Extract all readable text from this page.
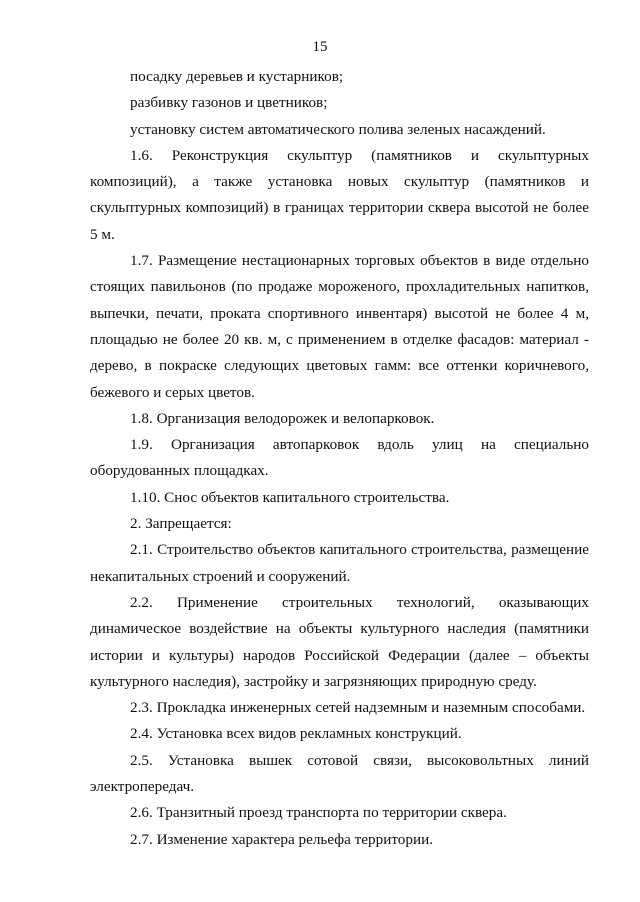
15

посадку деревьев и кустарников;

разбивку газонов и цветников;

установку систем автоматического полива зеленых насаждений.

1.6. Реконструкция скульптур (памятников и скульптурных композиций), а также установка новых скульптур (памятников и скульптурных композиций) в границах территории сквера высотой не более 5 м.

1.7. Размещение нестационарных торговых объектов в виде отдельно стоящих павильонов (по продаже мороженого, прохладительных напитков, выпечки, печати, проката спортивного инвентаря) высотой не более 4 м, площадью не более 20 кв. м, с применением в отделке фасадов: материал - дерево, в покраске следующих цветовых гамм: все оттенки коричневого, бежевого и серых цветов.

1.8. Организация велодорожек и велопарковок.

1.9. Организация автопарковок вдоль улиц на специально оборудованных площадках.

1.10. Снос объектов капитального строительства.

2. Запрещается:

2.1. Строительство объектов капитального строительства, размещение некапитальных строений и сооружений.

2.2. Применение строительных технологий, оказывающих динамическое воздействие на объекты культурного наследия (памятники истории и культуры) народов Российской Федерации (далее – объекты культурного наследия), застройку и загрязняющих природную среду.

2.3. Прокладка инженерных сетей надземным и наземным способами.

2.4. Установка всех видов рекламных конструкций.

2.5. Установка вышек сотовой связи, высоковольтных линий электропередач.

2.6. Транзитный проезд транспорта по территории сквера.

2.7. Изменение характера рельефа территории.
